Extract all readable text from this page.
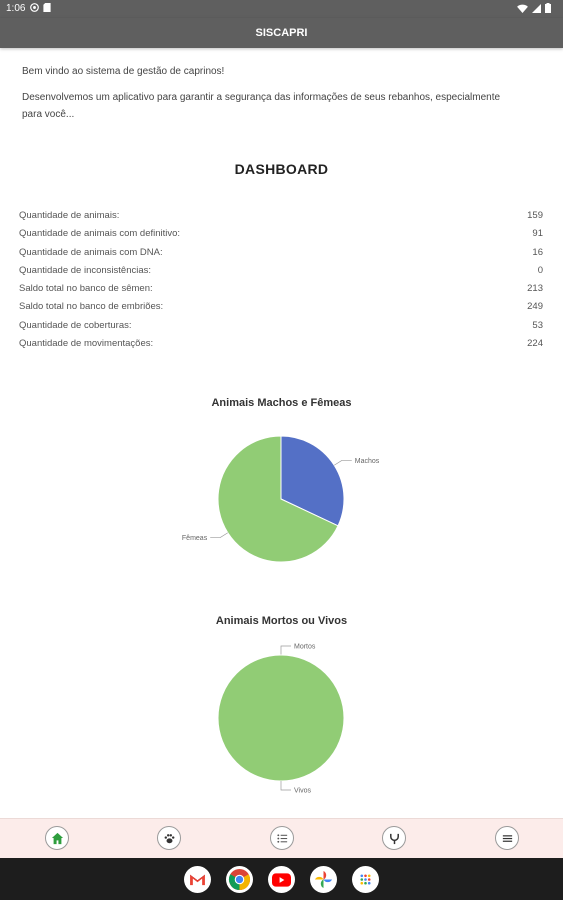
1:06
SISCAPRI

Bem vindo ao sistema de gestão de caprinos!

Desenvolvemos um aplicativo para garantir a segurança das informações de seus rebanhos, especialmente para você...

DASHBOARD
Quantidade de animais:	159
Quantidade de animais com definitivo:	91
Quantidade de animais com DNA:	16
Quantidade de inconsistências:	0
Saldo total no banco de sêmen:	213
Saldo total no banco de embriões:	249
Quantidade de coberturas:	53
Quantidade de movimentações:	224
Animais Machos e Fêmeas
Machos
Fêmeas
Animais Mortos ou Vivos
Mortos
Vivos
